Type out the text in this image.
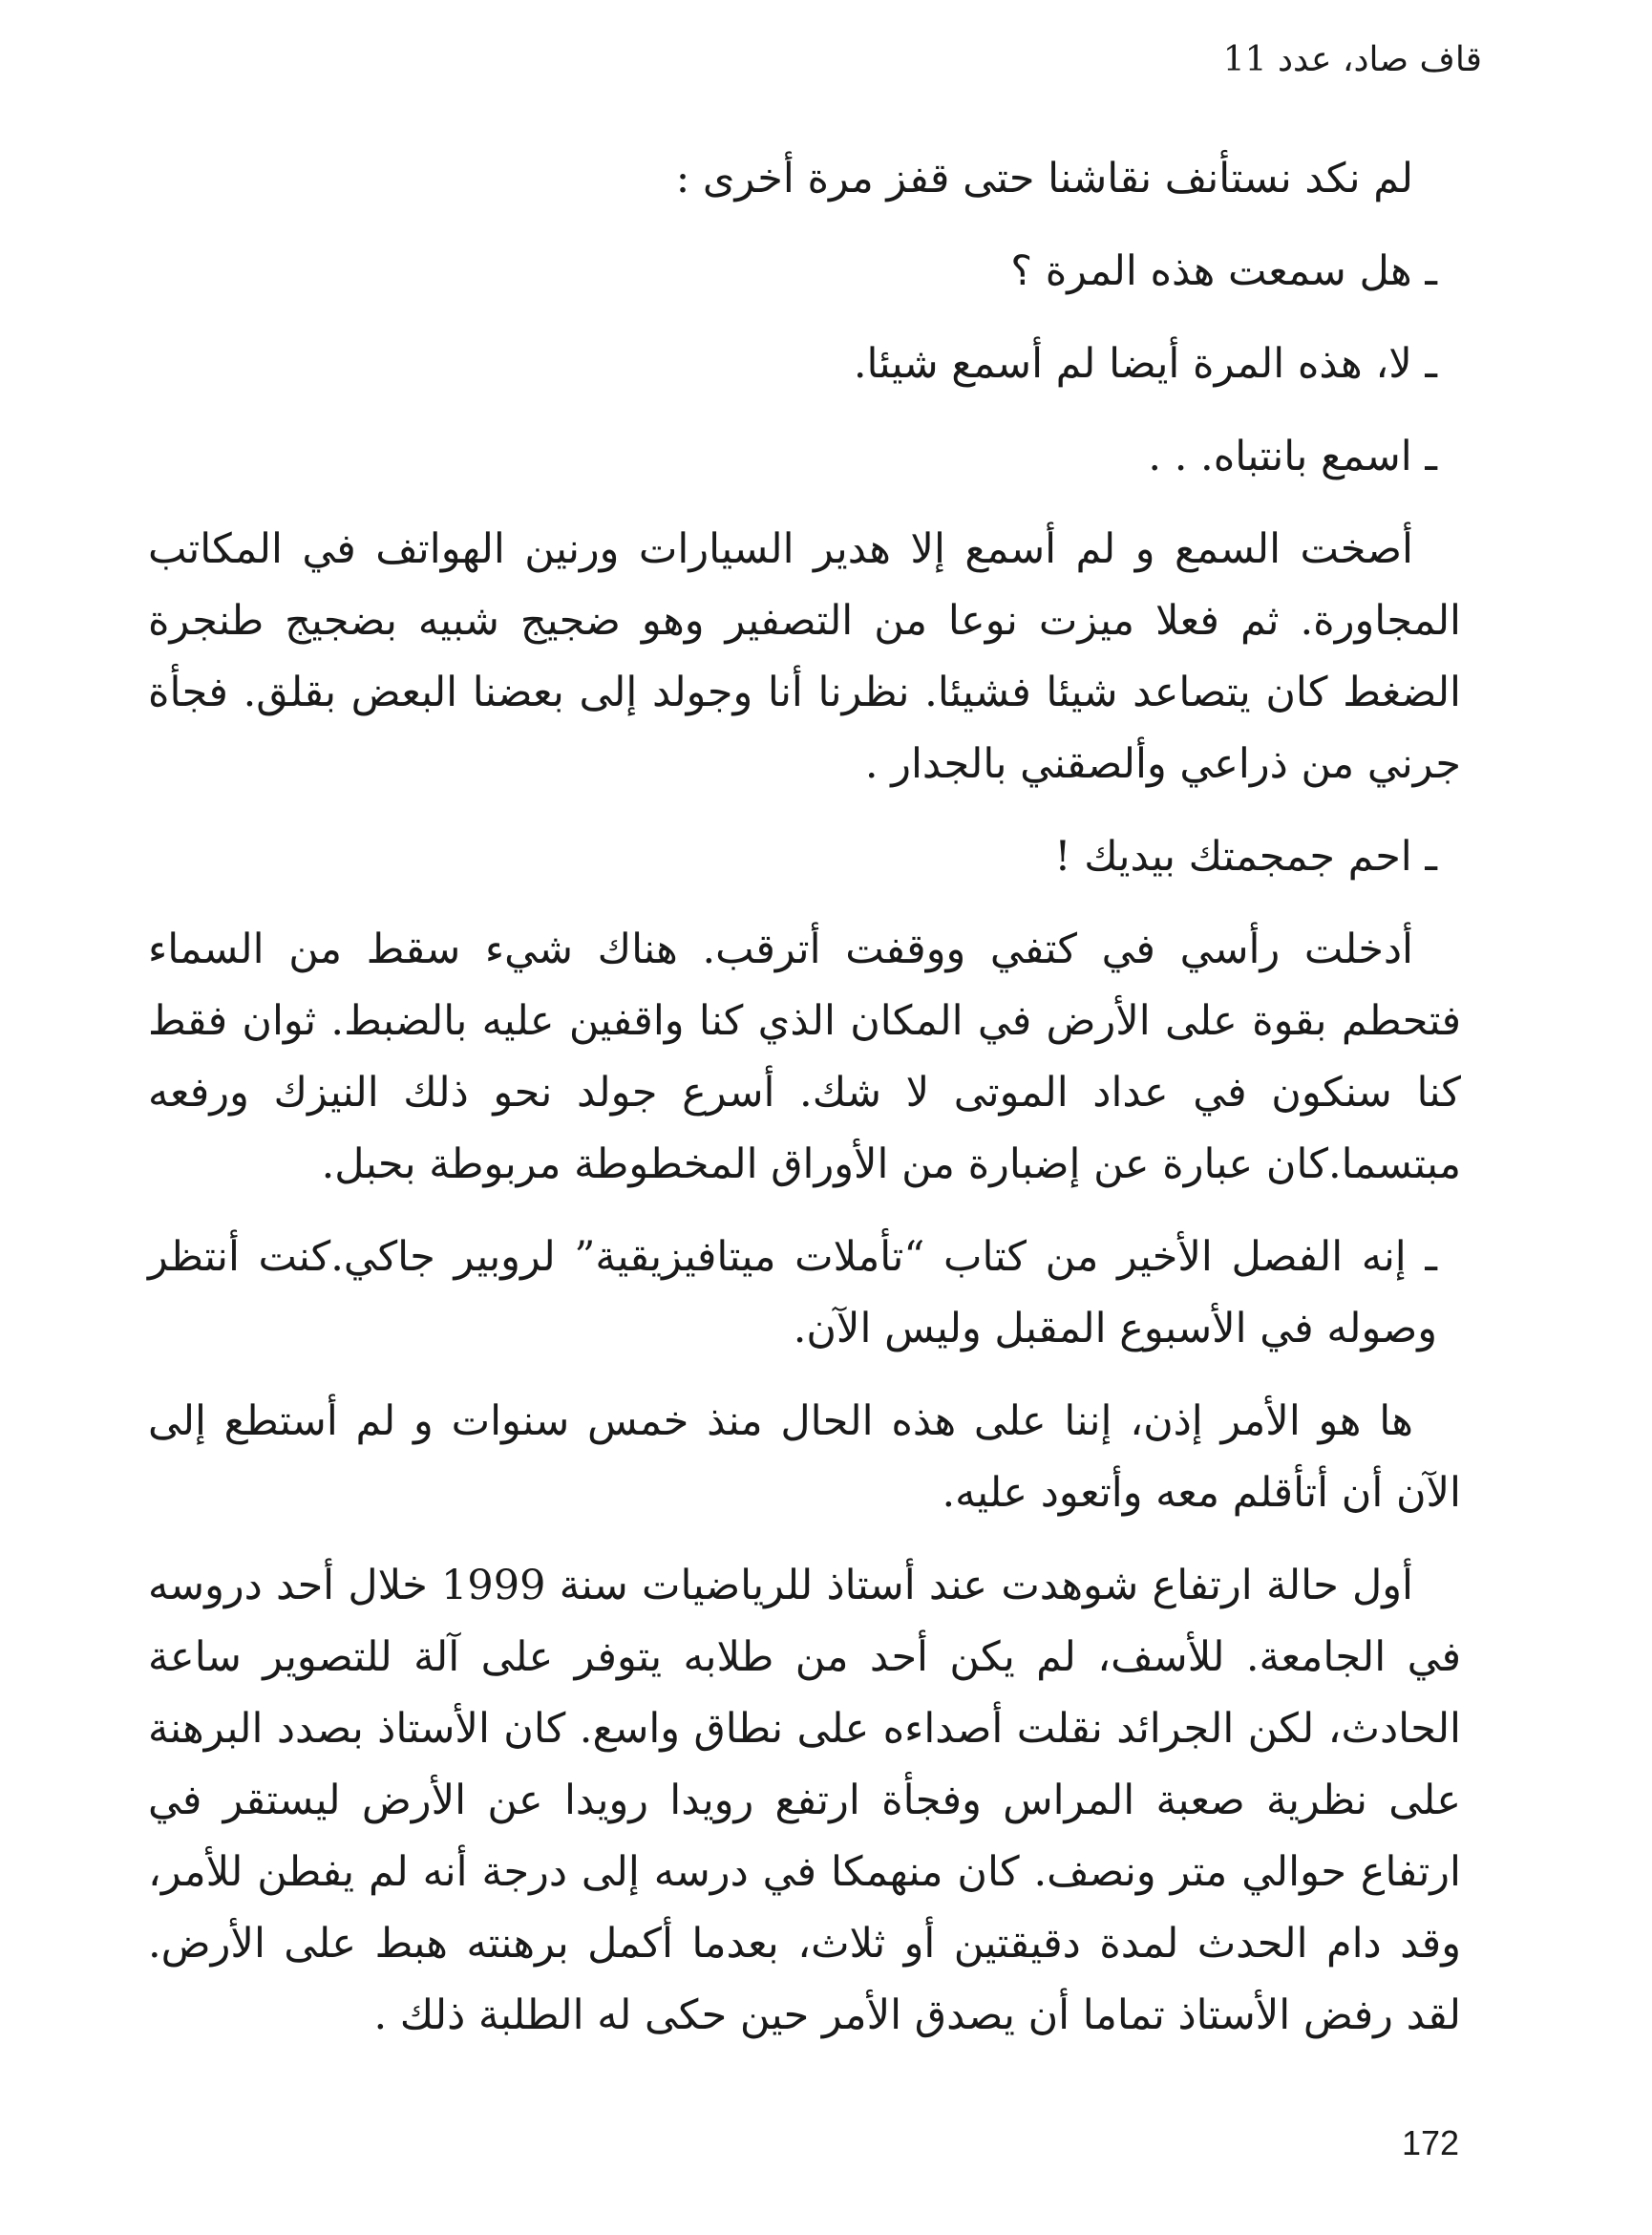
قاف صاد، عدد 11

لم نكد نستأنف نقاشنا حتى قفز مرة أخرى :

ـ هل سمعت هذه المرة ؟

ـ لا، هذه المرة أيضا لم أسمع شيئا.

ـ اسمع بانتباه. . .

أصخت السمع و لم أسمع إلا هدير السيارات ورنين الهواتف في المكاتب المجاورة. ثم فعلا ميزت نوعا من التصفير وهو ضجيج شبيه بضجيج طنجرة الضغط كان يتصاعد شيئا فشيئا. نظرنا أنا وجولد إلى بعضنا البعض بقلق. فجأة جرني من ذراعي وألصقني بالجدار .

ـ احم جمجمتك بيديك !

أدخلت رأسي في كتفي ووقفت أترقب. هناك شيء سقط من السماء فتحطم بقوة على الأرض في المكان الذي كنا واقفين عليه بالضبط. ثوان فقط كنا سنكون في عداد الموتى لا شك. أسرع جولد نحو ذلك النيزك ورفعه مبتسما.كان عبارة عن إضبارة من الأوراق المخطوطة مربوطة بحبل.

ـ إنه الفصل الأخير من كتاب “تأملات ميتافيزيقية” لروبير جاكي.كنت أنتظر وصوله في الأسبوع المقبل وليس الآن.

ها هو الأمر إذن، إننا على هذه الحال منذ خمس سنوات و لم أستطع إلى الآن أن أتأقلم معه وأتعود عليه.

أول حالة ارتفاع شوهدت عند أستاذ للرياضيات سنة 1999 خلال أحد دروسه في الجامعة. للأسف، لم يكن أحد من طلابه يتوفر على آلة للتصوير ساعة الحادث، لكن الجرائد نقلت أصداءه على نطاق واسع. كان الأستاذ بصدد البرهنة على نظرية صعبة المراس وفجأة ارتفع رويدا رويدا عن الأرض ليستقر في ارتفاع حوالي متر ونصف. كان منهمكا في درسه إلى درجة أنه لم يفطن للأمر، وقد دام الحدث لمدة دقيقتين أو ثلاث، بعدما أكمل برهنته هبط على الأرض. لقد رفض الأستاذ تماما أن يصدق الأمر حين حكى له الطلبة ذلك .

172
